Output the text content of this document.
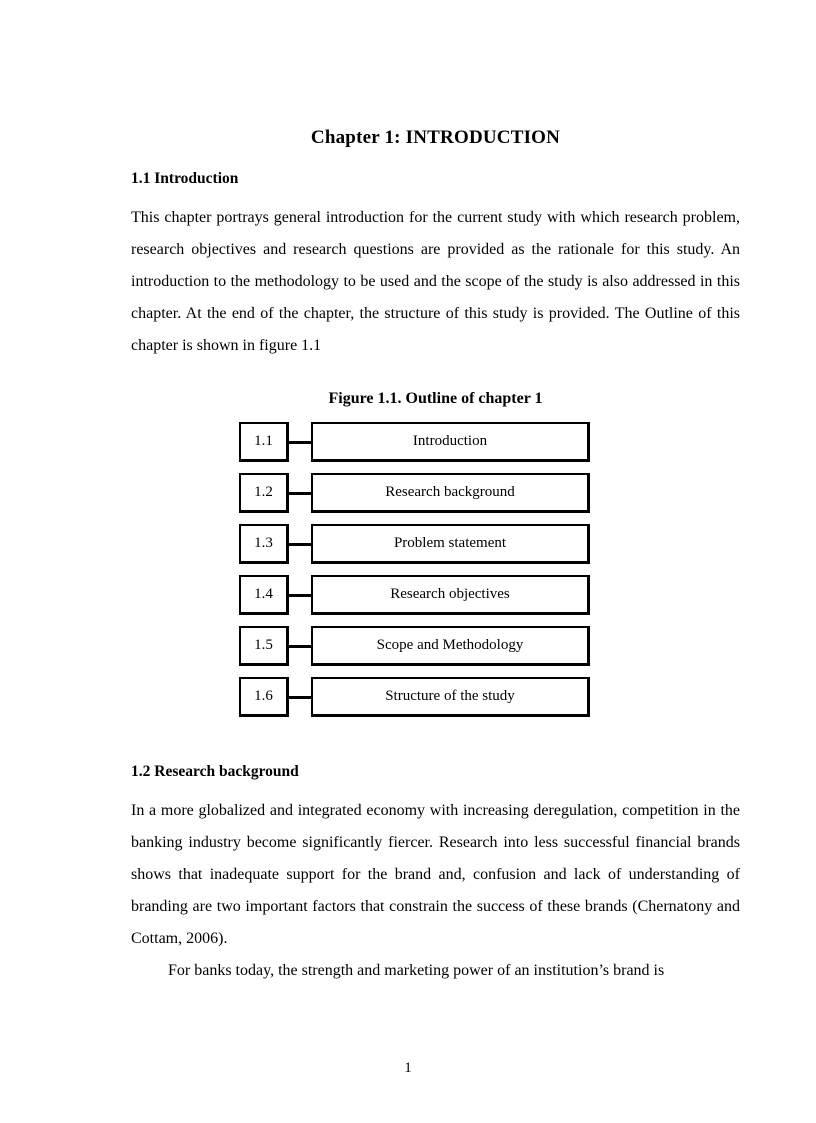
Chapter 1: INTRODUCTION
1.1 Introduction

This chapter portrays general introduction for the current study with which research problem, research objectives and research questions are provided as the rationale for this study. An introduction to the methodology to be used and the scope of the study is also addressed in this chapter. At the end of the chapter, the structure of this study is provided. The Outline of this chapter is shown in figure 1.1

Figure 1.1. Outline of chapter 1
1.1	Introduction
1.2	Research background
1.3	Problem statement
1.4	Research objectives
1.5	Scope and Methodology
1.6	Structure of the study
1.2 Research background

In a more globalized and integrated economy with increasing deregulation, competition in the banking industry become significantly fiercer. Research into less successful financial brands shows that inadequate support for the brand and, confusion and lack of understanding of branding are two important factors that constrain the success of these brands (Chernatony and Cottam, 2006).

For banks today, the strength and marketing power of an institution’s brand is

1
